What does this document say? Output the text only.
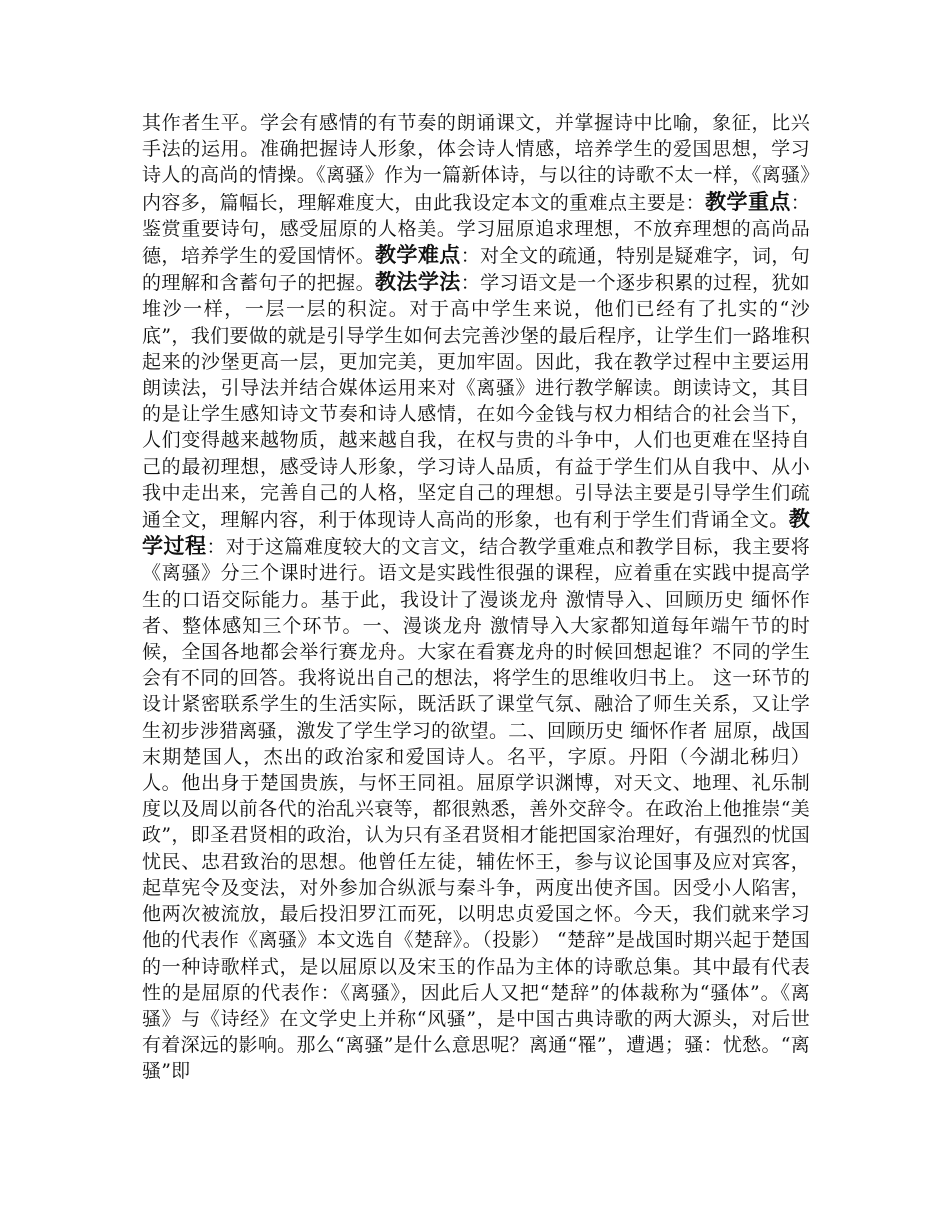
其作者生平。学会有感情的有节奏的朗诵课文，并掌握诗中比喻，象征，比兴手法的运用。准确把握诗人形象，体会诗人情感，培养学生的爱国思想，学习诗人的高尚的情操。《离骚》作为一篇新体诗，与以往的诗歌不太一样，《离骚》内容多，篇幅长，理解难度大，由此我设定本文的重难点主要是：教学重点：鉴赏重要诗句，感受屈原的人格美。学习屈原追求理想，不放弃理想的高尚品德，培养学生的爱国情怀。教学难点：对全文的疏通，特别是疑难字，词，句的理解和含蓄句子的把握。教法学法：学习语文是一个逐步积累的过程，犹如堆沙一样，一层一层的积淀。对于高中学生来说，他们已经有了扎实的“沙底”，我们要做的就是引导学生如何去完善沙堡的最后程序，让学生们一路堆积起来的沙堡更高一层，更加完美，更加牢固。因此，我在教学过程中主要运用朗读法，引导法并结合媒体运用来对《离骚》进行教学解读。朗读诗文，其目的是让学生感知诗文节奏和诗人感情，在如今金钱与权力相结合的社会当下，人们变得越来越物质，越来越自我，在权与贵的斗争中，人们也更难在坚持自己的最初理想，感受诗人形象，学习诗人品质，有益于学生们从自我中、从小我中走出来，完善自己的人格，坚定自己的理想。引导法主要是引导学生们疏通全文，理解内容，利于体现诗人高尚的形象，也有利于学生们背诵全文。教学过程：对于这篇难度较大的文言文，结合教学重难点和教学目标，我主要将《离骚》分三个课时进行。语文是实践性很强的课程，应着重在实践中提高学生的口语交际能力。基于此，我设计了漫谈龙舟 激情导入、回顾历史 缅怀作者、整体感知三个环节。一、漫谈龙舟 激情导入大家都知道每年端午节的时候，全国各地都会举行赛龙舟。大家在看赛龙舟的时候回想起谁？不同的学生会有不同的回答。我将说出自己的想法，将学生的思维收归书上。 这一环节的设计紧密联系学生的生活实际，既活跃了课堂气氛、融洽了师生关系，又让学生初步涉猎离骚，激发了学生学习的欲望。二、回顾历史 缅怀作者 屈原，战国末期楚国人，杰出的政治家和爱国诗人。名平，字原。丹阳（今湖北秭归）人。他出身于楚国贵族，与怀王同祖。屈原学识渊博，对天文、地理、礼乐制度以及周以前各代的治乱兴衰等，都很熟悉，善外交辞令。在政治上他推崇“美政”，即圣君贤相的政治，认为只有圣君贤相才能把国家治理好，有强烈的忧国忧民、忠君致治的思想。他曾任左徒，辅佐怀王，参与议论国事及应对宾客，起草宪令及变法，对外参加合纵派与秦斗争，两度出使齐国。因受小人陷害，他两次被流放，最后投汨罗江而死，以明忠贞爱国之怀。今天，我们就来学习他的代表作《离骚》本文选自《楚辞》。（投影） “楚辞”是战国时期兴起于楚国的一种诗歌样式，是以屈原以及宋玉的作品为主体的诗歌总集。其中最有代表性的是屈原的代表作：《离骚》，因此后人又把“楚辞”的体裁称为“骚体”。《离骚》与《诗经》在文学史上并称“风骚”，是中国古典诗歌的两大源头，对后世有着深远的影响。那么“离骚”是什么意思呢？离通“罹”，遭遇；骚：忧愁。“离骚”即
